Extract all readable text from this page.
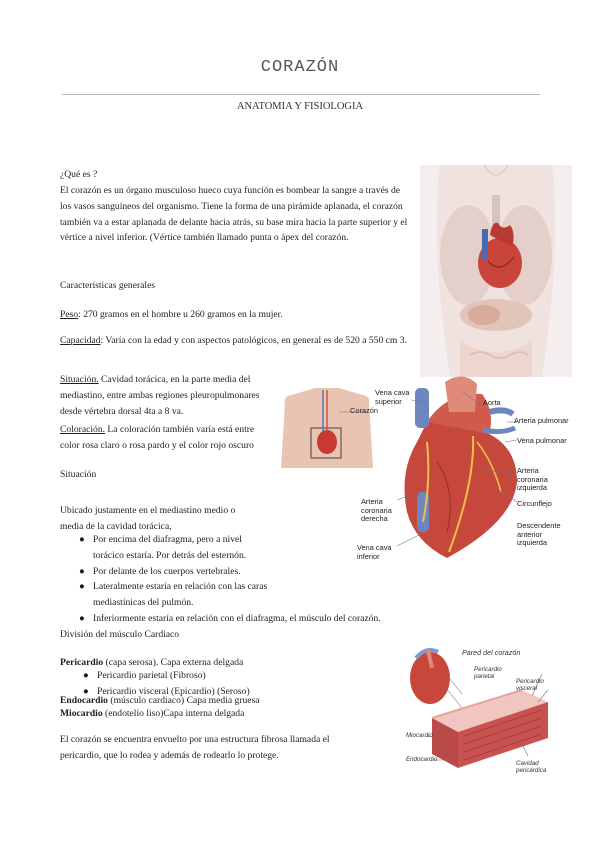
CORAZÓN
ANATOMIA Y FISIOLOGIA
Vena cava superior	Aorta
Corazón
Arteria pulmonar
Vena pulmonar
Arteria coronaria izquierda
Circunflejo
Arteria coronaria derecha
Descendente anterior izquierda
Vena cava inferior
Pared del corazón
Pericardio parietal
Pericardio visceral
Miocardio
Endocardio
Cavidad pericárdica

¿Qué es ?

El corazón es un órgano musculoso hueco cuya función es bombear la sangre a través de los vasos sanguíneos del organismo. Tiene la forma de una pirámide aplanada, el corazón también va a estar aplanada de delante hacia atrás, su base mira hacia la parte superior y el vértice a nivel inferior. (Vértice también llamado punta o ápex del corazón.

Características generales

Peso: 270 gramos en el hombre u 260 gramos en la mujer.

Capacidad: Varía con la edad y con aspectos patológicos, en general es de 520 a 550 cm 3.

Situación. Cavidad torácica, en la parte media del mediastino, entre ambas regiones pleuropulmonares desde vértebra dorsal 4ta a 8 va.

Coloración. La coloración también varía está entre color rosa claro o rosa pardo y el color rojo oscuro

Situación

Ubicado justamente en el mediastino medio o media de la cavidad torácica,

● Por encima del diafragma, pero a nivel torácico estaría. Por detrás del esternón.
● Por delante de los cuerpos vertebrales.
● Lateralmente estaría en relación con las caras mediastínicas del pulmón.
● Inferiormente estaría en relación con el diafragma, el músculo del corazón.

División del músculo Cardiaco

Pericardio (capa serosa). Capa externa delgada

● Pericardio parietal (Fibroso)
● Pericardio visceral (Epicardio) (Seroso)

Endocardio (músculo cardiaco) Capa media gruesa

Miocardio (endotelio liso)Capa interna delgada

El corazón se encuentra envuelto por una estructura fibrosa llamada el pericardio, que lo rodea y además de rodearlo lo protege.
